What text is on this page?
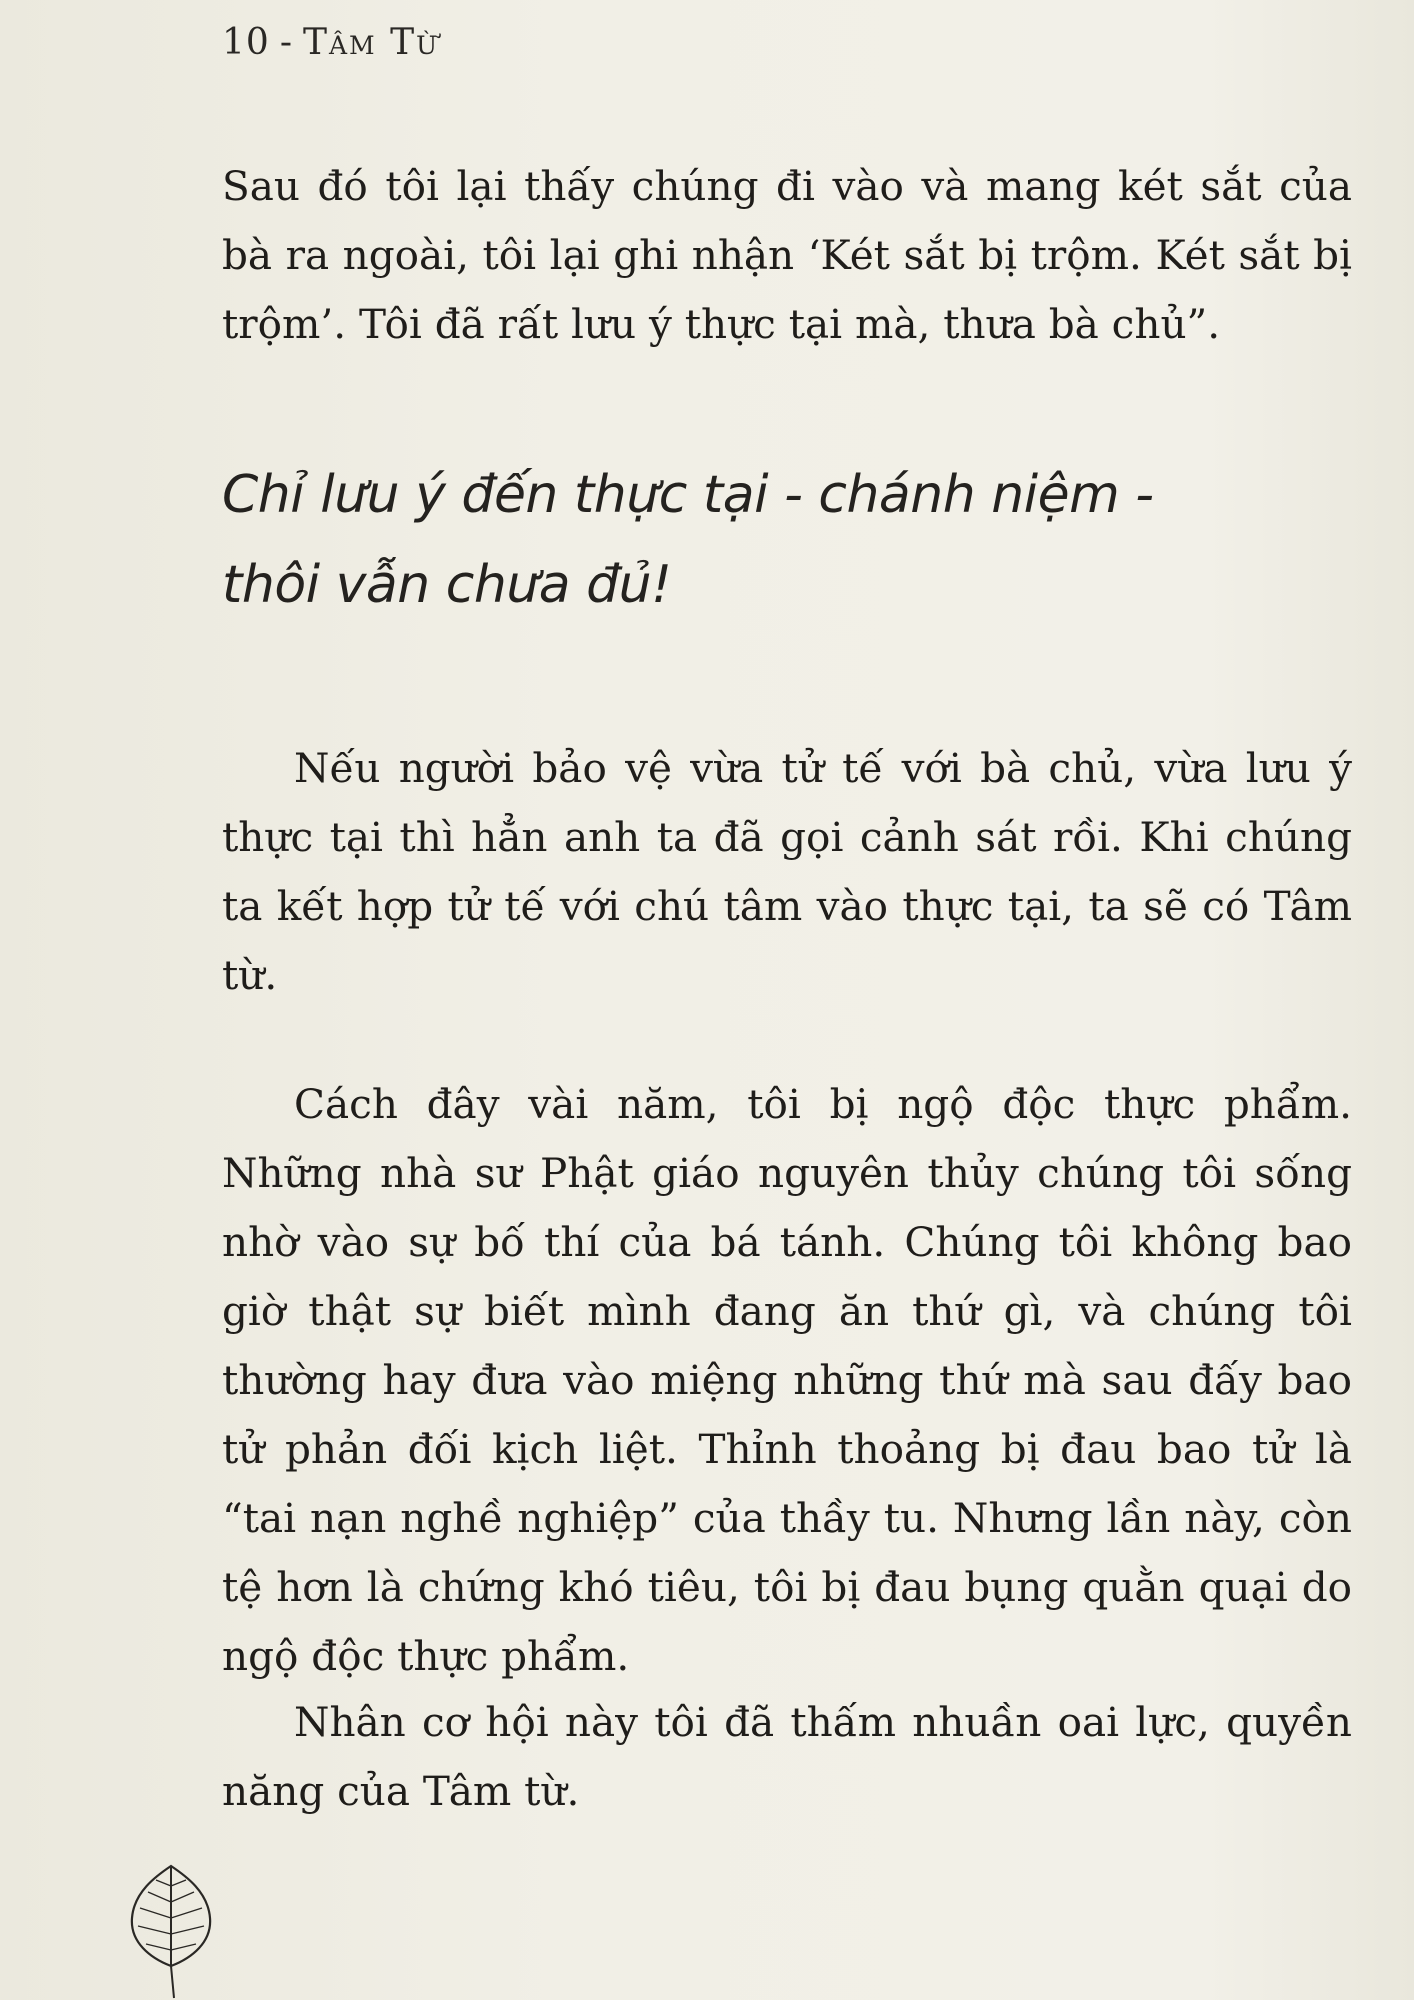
10 - Tâm Từ

Sau đó tôi lại thấy chúng đi vào và mang két sắt của bà ra ngoài, tôi lại ghi nhận ‘Két sắt bị trộm. Két sắt bị trộm’. Tôi đã rất lưu ý thực tại mà, thưa bà chủ”.

Chỉ lưu ý đến thực tại - chánh niệm -
thôi vẫn chưa đủ!

Nếu người bảo vệ vừa tử tế với bà chủ, vừa lưu ý thực tại thì hẳn anh ta đã gọi cảnh sát rồi. Khi chúng ta kết hợp tử tế với chú tâm vào thực tại, ta sẽ có Tâm từ.

Cách đây vài năm, tôi bị ngộ độc thực phẩm. Những nhà sư Phật giáo nguyên thủy chúng tôi sống nhờ vào sự bố thí của bá tánh. Chúng tôi không bao giờ thật sự biết mình đang ăn thứ gì, và chúng tôi thường hay đưa vào miệng những thứ mà sau đấy bao tử phản đối kịch liệt. Thỉnh thoảng bị đau bao tử là “tai nạn nghề nghiệp” của thầy tu. Nhưng lần này, còn tệ hơn là chứng khó tiêu, tôi bị đau bụng quằn quại do ngộ độc thực phẩm.

Nhân cơ hội này tôi đã thấm nhuần oai lực, quyền năng của Tâm từ.
